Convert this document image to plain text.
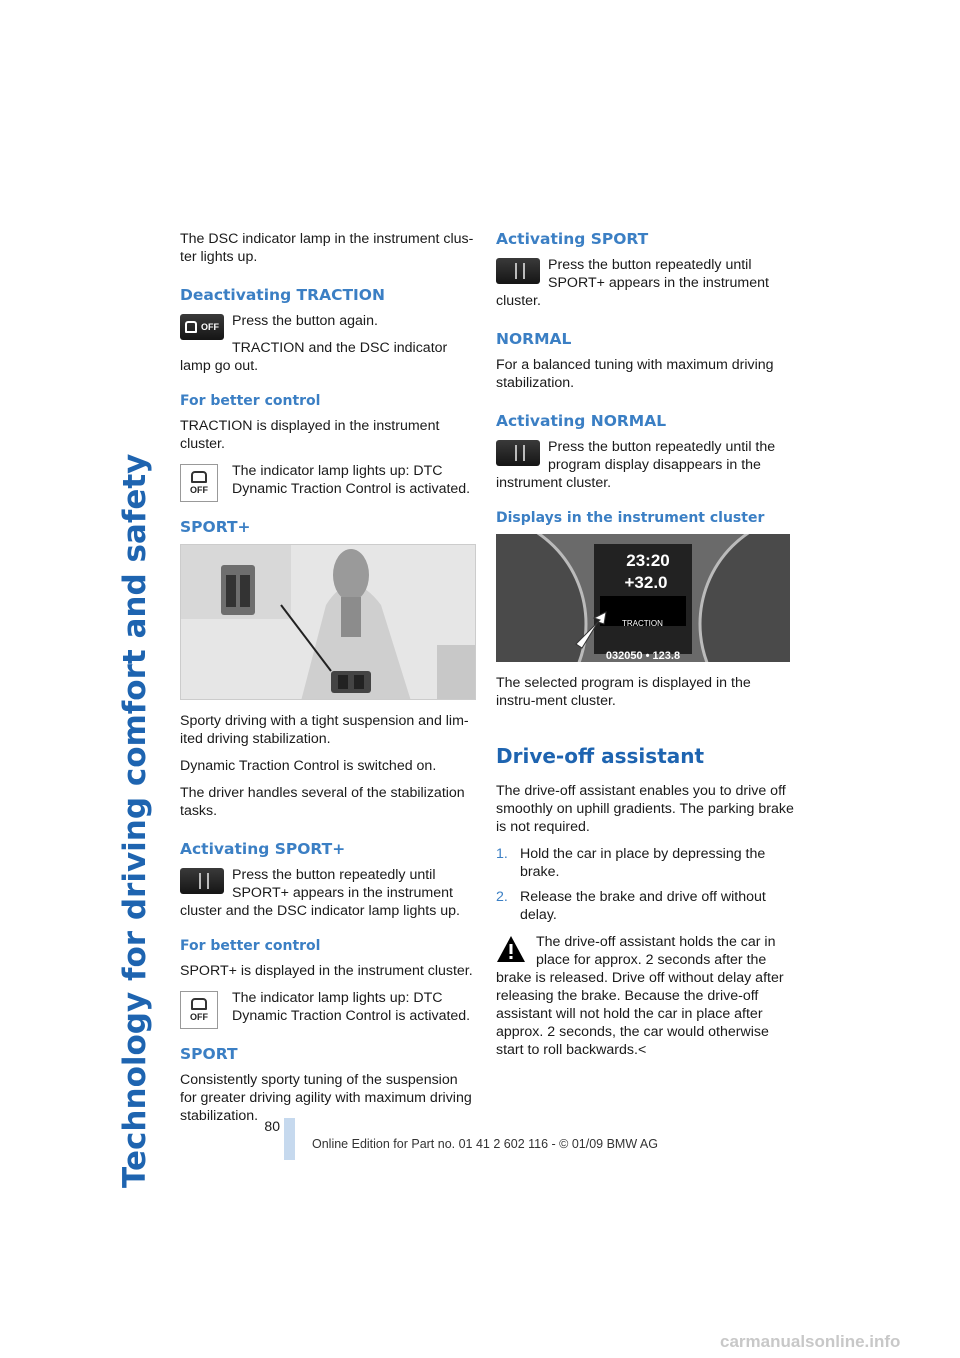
Technology for driving comfort and safety

The DSC indicator lamp in the instrument clus-ter lights up.

Deactivating TRACTION
OFF Press the button again.

TRACTION and the DSC indicator lamp go out.

For better control

TRACTION is displayed in the instrument cluster.

OFF

The indicator lamp lights up: DTC Dynamic Traction Control is activated.

SPORT+

Sporty driving with a tight suspension and lim-ited driving stabilization.

Dynamic Traction Control is switched on.

The driver handles several of the stabilization tasks.

Activating SPORT+

Press the button repeatedly until SPORT+ appears in the instrument cluster and the DSC indicator lamp lights up.

For better control

SPORT+ is displayed in the instrument cluster.

OFF

The indicator lamp lights up: DTC Dynamic Traction Control is activated.

SPORT

Consistently sporty tuning of the suspension for greater driving agility with maximum driving stabilization.

Activating SPORT

Press the button repeatedly until SPORT+ appears in the instrument cluster.

NORMAL

For a balanced tuning with maximum driving stabilization.

Activating NORMAL

Press the button repeatedly until the program display disappears in the instrument cluster.

Displays in the instrument cluster
23:20
+32.0
TRACTION
032050 • 123.8

The selected program is displayed in the instru-ment cluster.

Drive-off assistant

The drive-off assistant enables you to drive off smoothly on uphill gradients. The parking brake is not required.

1. Hold the car in place by depressing the brake.
2. Release the brake and drive off without delay.

The drive-off assistant holds the car in place for approx. 2 seconds after the brake is released. Drive off without delay after releasing the brake. Because the drive-off assistant will not hold the car in place after approx. 2 seconds, the car would otherwise start to roll backwards.<

80
Online Edition for Part no. 01 41 2 602 116 - © 01/09 BMW AG
carmanualsonline.info
